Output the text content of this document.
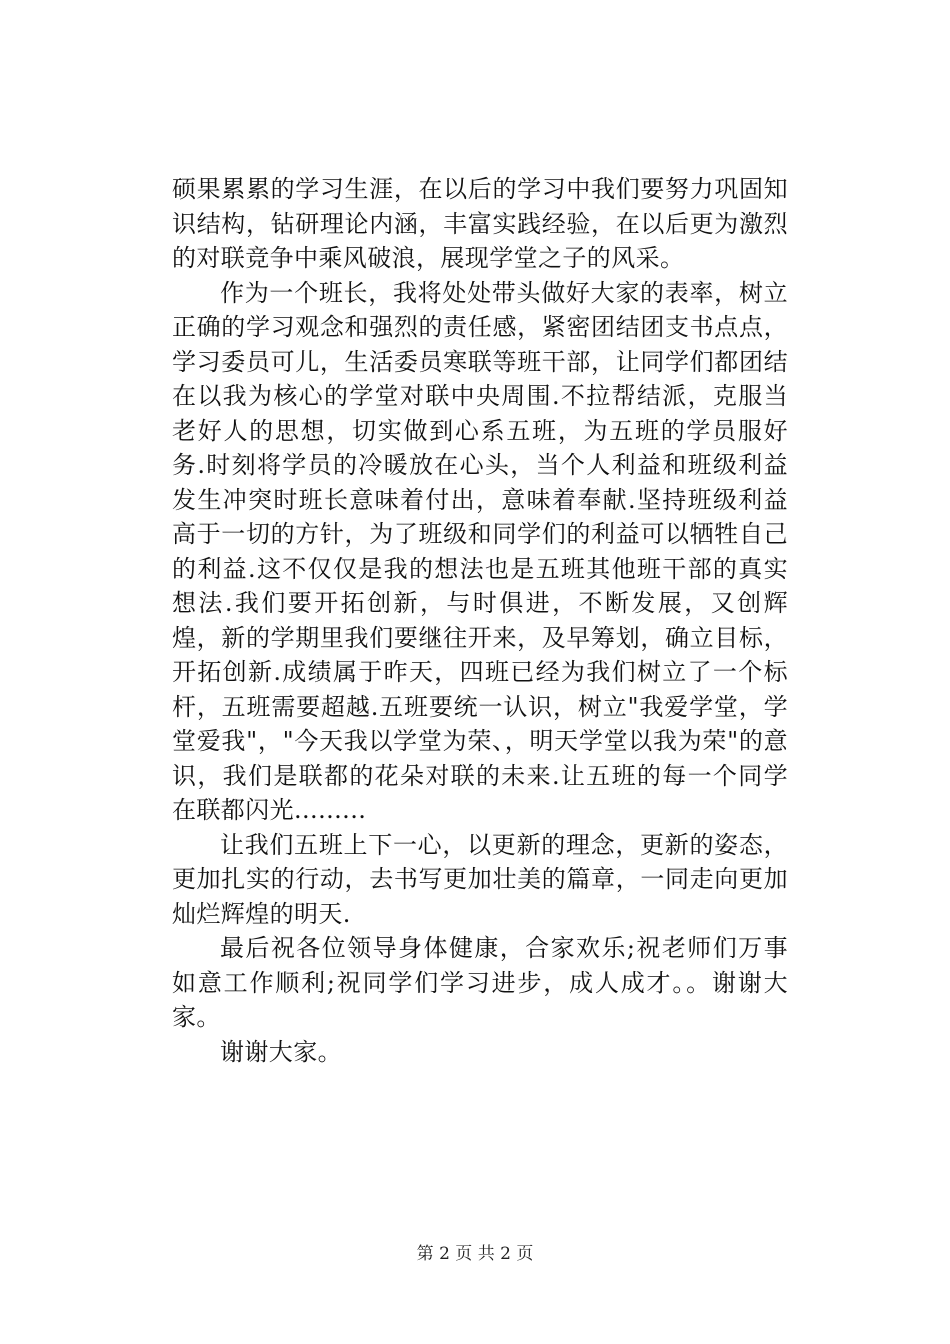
硕果累累的学习生涯，在以后的学习中我们要努力巩固知识结构，钻研理论内涵，丰富实践经验，在以后更为激烈的对联竞争中乘风破浪，展现学堂之子的风采。

作为一个班长，我将处处带头做好大家的表率，树立正确的学习观念和强烈的责任感，紧密团结团支书点点，学习委员可儿，生活委员寒联等班干部，让同学们都团结在以我为核心的学堂对联中央周围.不拉帮结派，克服当老好人的思想，切实做到心系五班，为五班的学员服好务.时刻将学员的冷暖放在心头，当个人利益和班级利益发生冲突时班长意味着付出，意味着奉献.坚持班级利益高于一切的方针，为了班级和同学们的利益可以牺牲自己的利益.这不仅仅是我的想法也是五班其他班干部的真实想法.我们要开拓创新，与时俱进，不断发展，又创辉煌，新的学期里我们要继往开来，及早筹划，确立目标，开拓创新.成绩属于昨天，四班已经为我们树立了一个标杆，五班需要超越.五班要统一认识，树立"我爱学堂，学堂爱我"，"今天我以学堂为荣、，明天学堂以我为荣"的意识，我们是联都的花朵对联的未来.让五班的每一个同学在联都闪光.........

让我们五班上下一心，以更新的理念，更新的姿态，更加扎实的行动，去书写更加壮美的篇章，一同走向更加灿烂辉煌的明天.

最后祝各位领导身体健康，合家欢乐;祝老师们万事如意工作顺利;祝同学们学习进步，成人成才。。谢谢大家。

谢谢大家。

第 2 页 共 2 页
